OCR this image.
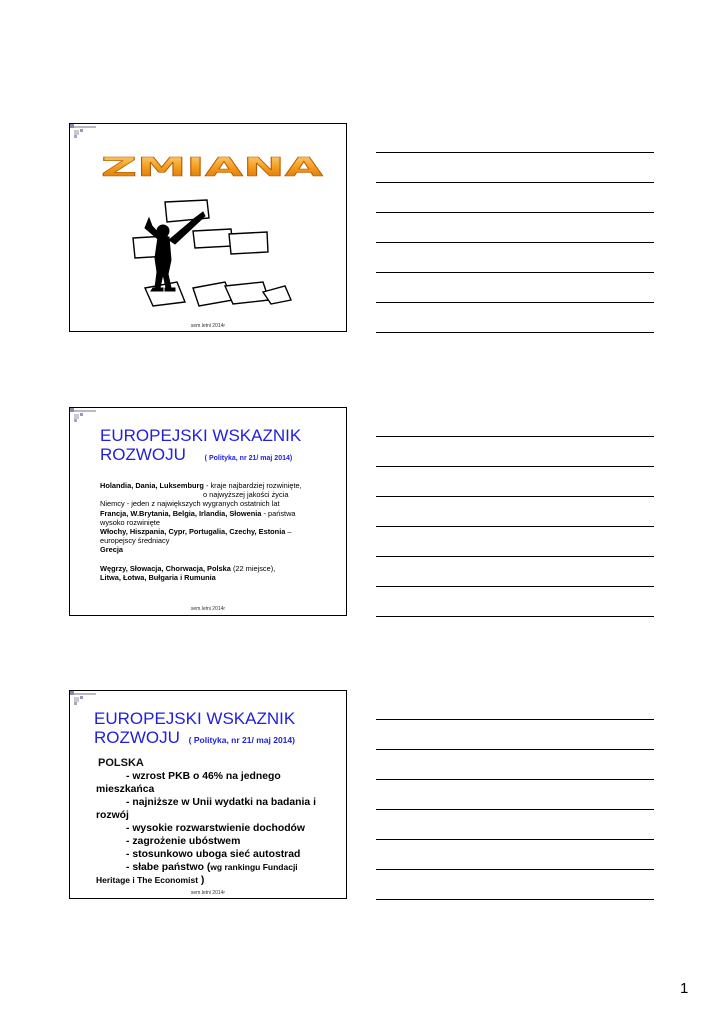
ZMIANA
sem.letni 2014r
EUROPEJSKI WSKAZNIK
ROZWOJU	( Polityka, nr 21/ maj 2014)

Holandia, Dania, Luksemburg - kraje najbardziej rozwinięte,

o najwyższej jakości życia

Niemcy - jeden z największych wygranych ostatnich lat

Francja, W.Brytania, Belgia, Irlandia, Słowenia - państwa

wysoko rozwinięte

Włochy, Hiszpania, Cypr, Portugalia, Czechy, Estonia –

europejscy średniacy

Grecja

Węgrzy, Słowacja, Chorwacja, Polska (22 miejsce),

Litwa, Łotwa, Bułgaria i Rumunia

sem.letni 2014r
EUROPEJSKI WSKAZNIK
ROZWOJU ( Polityka, nr 21/ maj 2014)
POLSKA
- wzrost PKB o 46% na jednego
mieszkańca
- najniższe w Unii wydatki na badania i
rozwój
- wysokie rozwarstwienie dochodów
- zagrożenie ubóstwem
- stosunkowo uboga sieć autostrad
- słabe państwo (wg rankingu Fundacji
Heritage i The Economist )
sem.letni 2014r
1
